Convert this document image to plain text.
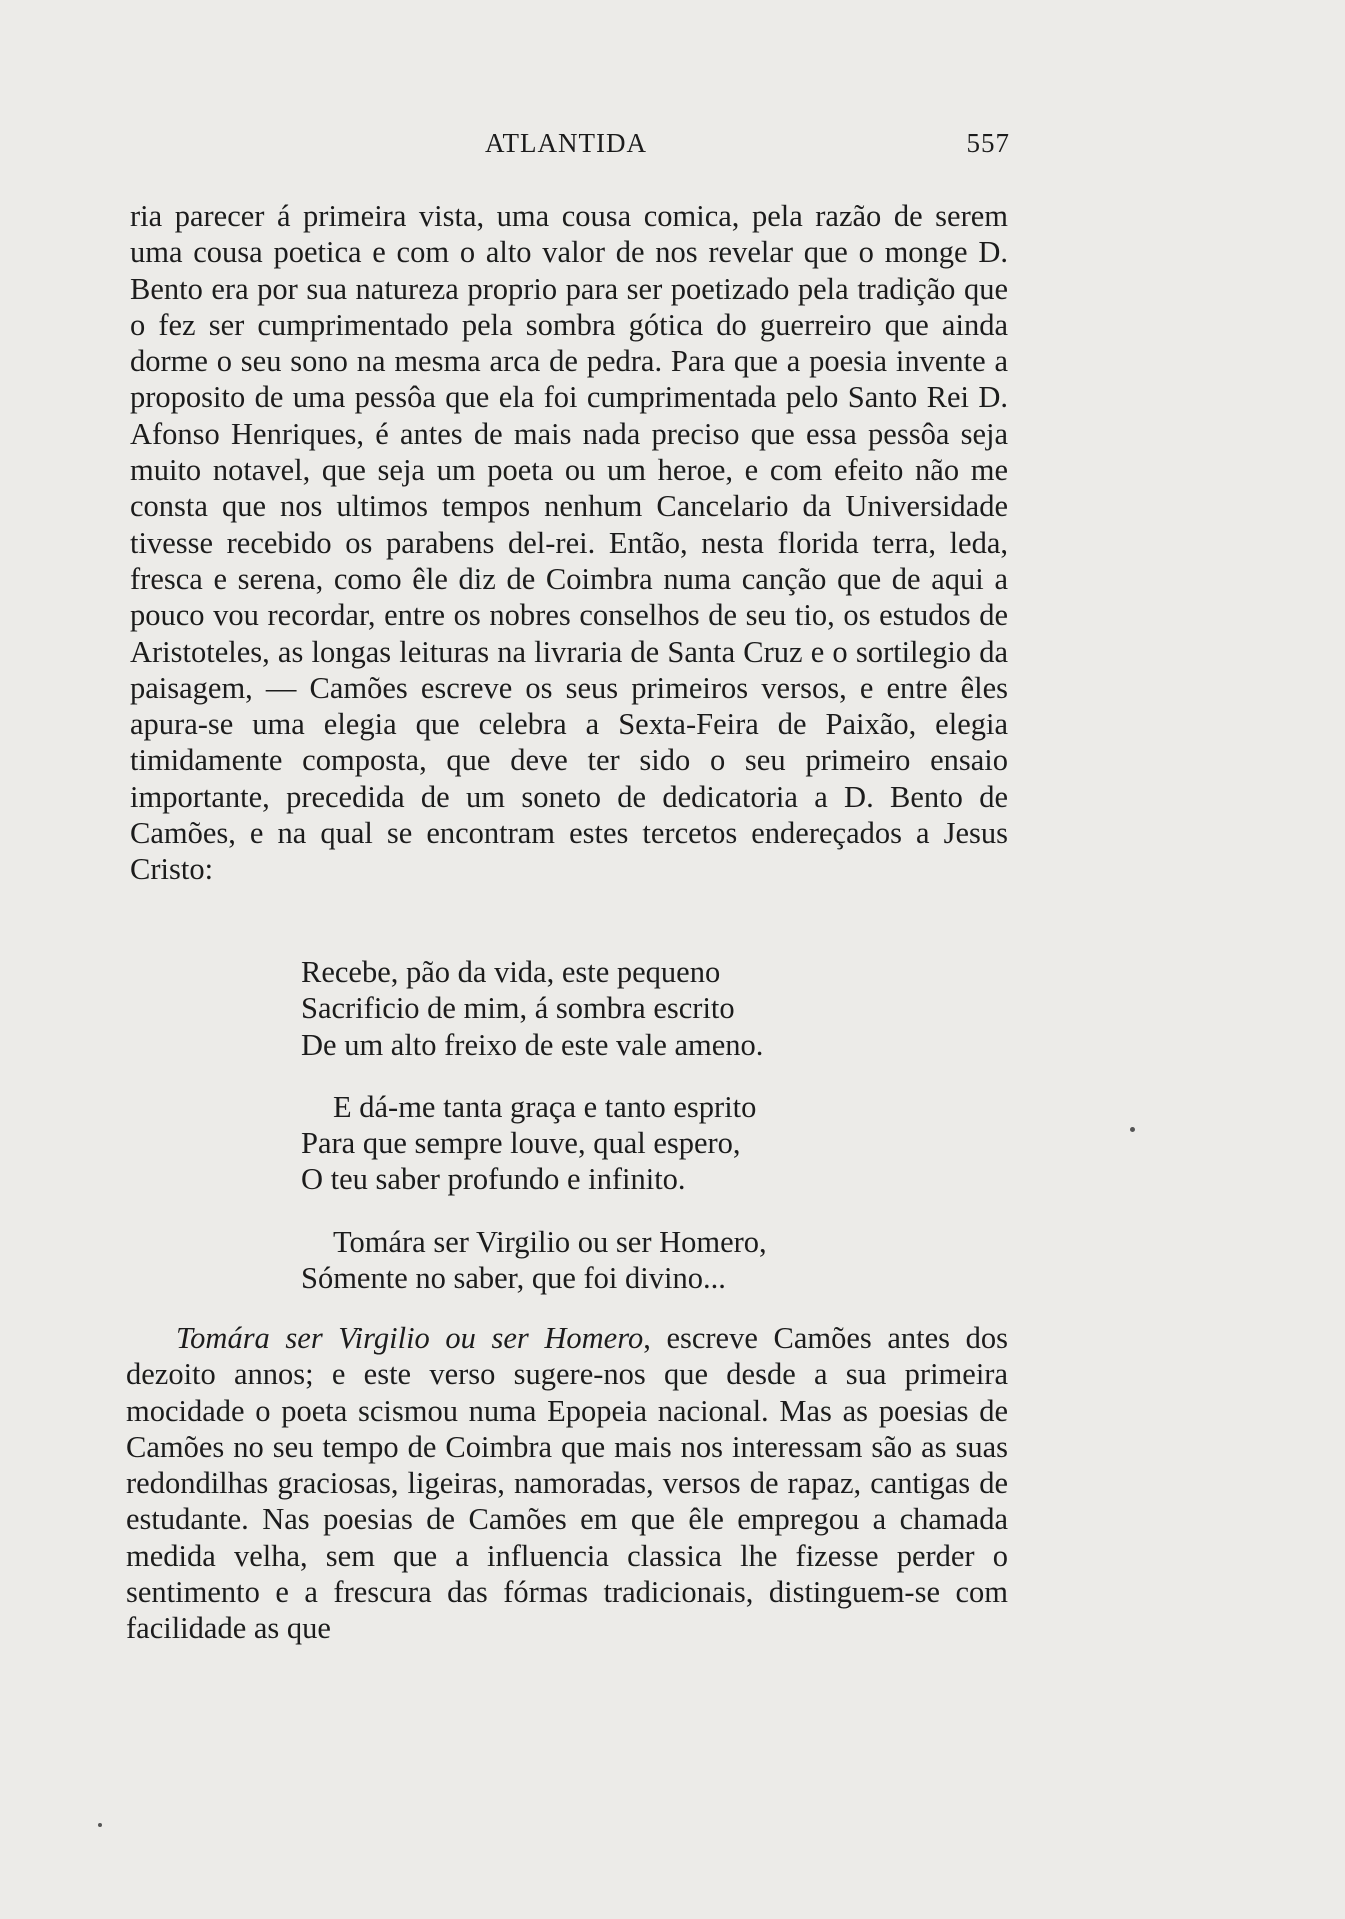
ATLANTIDA	557

ria parecer á primeira vista, uma cousa comica, pela razão de serem uma cousa poetica e com o alto valor de nos revelar que o monge D. Bento era por sua natureza proprio para ser poetizado pela tradição que o fez ser cumprimentado pela sombra gótica do guerreiro que ainda dorme o seu sono na mesma arca de pedra. Para que a poesia invente a proposito de uma pessôa que ela foi cumprimentada pelo Santo Rei D. Afonso Henriques, é antes de mais nada preciso que essa pessôa seja muito notavel, que seja um poeta ou um heroe, e com efeito não me consta que nos ultimos tempos nenhum Cancelario da Universidade tivesse recebido os parabens del-rei. Então, nesta florida terra, leda, fresca e serena, como êle diz de Coimbra numa canção que de aqui a pouco vou recordar, entre os nobres conselhos de seu tio, os estudos de Aristoteles, as longas leituras na livraria de Santa Cruz e o sortilegio da paisagem, — Camões escreve os seus primeiros versos, e entre êles apura-se uma elegia que celebra a Sexta-Feira de Paixão, elegia timidamente composta, que deve ter sido o seu primeiro ensaio importante, precedida de um soneto de dedicatoria a D. Bento de Camões, e na qual se encontram estes tercetos endereçados a Jesus Cristo:

Recebe, pão da vida, este pequeno
Sacrificio de mim, á sombra escrito
De um alto freixo de este vale ameno.
E dá-me tanta graça e tanto esprito
Para que sempre louve, qual espero,
O teu saber profundo e infinito.
Tomára ser Virgilio ou ser Homero,
Sómente no saber, que foi divino...

Tomára ser Virgilio ou ser Homero, escreve Camões antes dos dezoito annos; e este verso sugere-nos que desde a sua primeira mocidade o poeta scismou numa Epopeia nacional. Mas as poesias de Camões no seu tempo de Coimbra que mais nos interessam são as suas redondilhas graciosas, ligeiras, namoradas, versos de rapaz, cantigas de estudante. Nas poesias de Camões em que êle empregou a chamada medida velha, sem que a influencia classica lhe fizesse perder o sentimento e a frescura das fórmas tradicionais, distinguem-se com facilidade as que
